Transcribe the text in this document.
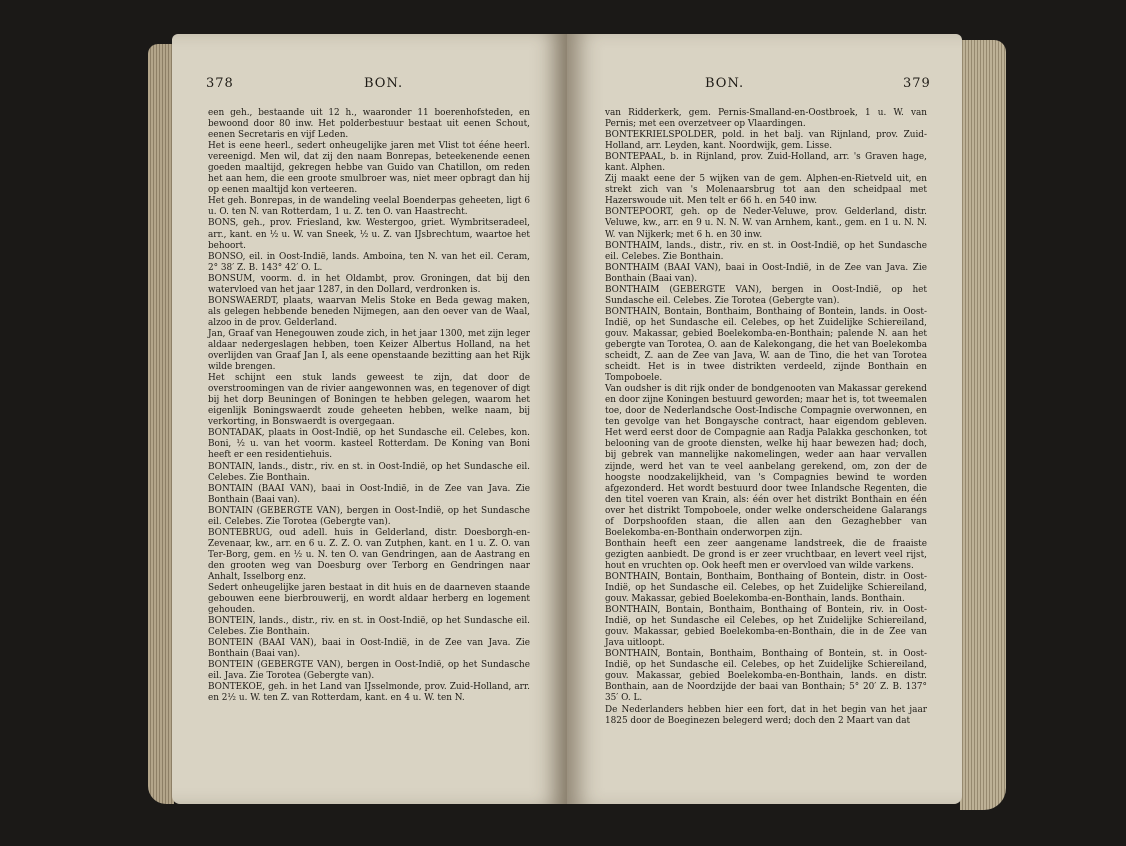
378	BON.

een geh., bestaande uit 12 h., waaronder 11 boerenhofsteden, en bewoond door 80 inw. Het polderbestuur bestaat uit eenen Schout, eenen Secretaris en vijf Leden.

Het is eene heerl., sedert onheugelijke jaren met Vlist tot ééne heerl. vereenigd. Men wil, dat zij den naam Bonrepas, beteekenende eenen goeden maaltijd, gekregen hebbe van Guido van Chatillon, om reden het aan hem, die een groote smulbroer was, niet meer opbragt dan hij op eenen maaltijd kon verteeren.

Het geh. Bonrepas, in de wandeling veelal Boenderpas geheeten, ligt 6 u. O. ten N. van Rotterdam, 1 u. Z. ten O. van Haastrecht.

BONS, geh., prov. Friesland, kw. Westergoo, griet. Wymbritseradeel, arr., kant. en ½ u. W. van Sneek, ½ u. Z. van IJsbrechtum, waartoe het behoort.

BONSO, eil. in Oost-Indië, lands. Amboina, ten N. van het eil. Ceram, 2° 38′ Z. B. 143° 42′ O. L.

BONSUM, voorm. d. in het Oldambt, prov. Groningen, dat bij den watervloed van het jaar 1287, in den Dollard, verdronken is.

BONSWAERDT, plaats, waarvan Melis Stoke en Beda gewag maken, als gelegen hebbende beneden Nijmegen, aan den oever van de Waal, alzoo in de prov. Gelderland.

Jan, Graaf van Henegouwen zoude zich, in het jaar 1300, met zijn leger aldaar nedergeslagen hebben, toen Keizer Albertus Holland, na het overlijden van Graaf Jan I, als eene openstaande bezitting aan het Rijk wilde brengen.

Het schijnt een stuk lands geweest te zijn, dat door de overstroomingen van de rivier aangewonnen was, en tegenover of digt bij het dorp Beuningen of Boningen te hebben gelegen, waarom het eigenlijk Boningswaerdt zoude geheeten hebben, welke naam, bij verkorting, in Bonswaerdt is overgegaan.

BONTADAK, plaats in Oost-Indië, op het Sundasche eil. Celebes, kon. Boni, ½ u. van het voorm. kasteel Rotterdam. De Koning van Boni heeft er een residentiehuis.

BONTAIN, lands., distr., riv. en st. in Oost-Indië, op het Sundasche eil. Celebes. Zie Bonthain.

BONTAIN (BAAI VAN), baai in Oost-Indië, in de Zee van Java. Zie Bonthain (Baai van).

BONTAIN (GEBERGTE VAN), bergen in Oost-Indië, op het Sundasche eil. Celebes. Zie Torotea (Gebergte van).

BONTEBRUG, oud adell. huis in Gelderland, distr. Doesborgh-en-Zevenaar, kw., arr. en 6 u. Z. Z. O. van Zutphen, kant. en 1 u. Z. O. van Ter-Borg, gem. en ½ u. N. ten O. van Gendringen, aan de Aastrang en den grooten weg van Doesburg over Terborg en Gendringen naar Anhalt, Isselborg enz.

Sedert onheugelijke jaren bestaat in dit huis en de daarneven staande gebouwen eene bierbrouwerij, en wordt aldaar herberg en logement gehouden.

BONTEIN, lands., distr., riv. en st. in Oost-Indië, op het Sundasche eil. Celebes. Zie Bonthain.

BONTEIN (BAAI VAN), baai in Oost-Indië, in de Zee van Java. Zie Bonthain (Baai van).

BONTEIN (GEBERGTE VAN), bergen in Oost-Indië, op het Sundasche eil. Java. Zie Torotea (Gebergte van).

BONTEKOE, geh. in het Land van IJsselmonde, prov. Zuid-Holland, arr. en 2½ u. W. ten Z. van Rotterdam, kant. en 4 u. W. ten N.

BON.	379

van Ridderkerk, gem. Pernis-Smalland-en-Oostbroek, 1 u. W. van Pernis; met een overzetveer op Vlaardingen.

BONTEKRIELSPOLDER, pold. in het balj. van Rijnland, prov. Zuid-Holland, arr. Leyden, kant. Noordwijk, gem. Lisse.

BONTEPAAL, b. in Rijnland, prov. Zuid-Holland, arr. 's Graven hage, kant. Alphen.

Zij maakt eene der 5 wijken van de gem. Alphen-en-Rietveld uit, en strekt zich van 's Molenaarsbrug tot aan den scheidpaal met Hazerswoude uit. Men telt er 66 h. en 540 inw.

BONTEPOORT, geh. op de Neder-Veluwe, prov. Gelderland, distr. Veluwe, kw., arr. en 9 u. N. N. W. van Arnhem, kant., gem. en 1 u. N. N. W. van Nijkerk; met 6 h. en 30 inw.

BONTHAIM, lands., distr., riv. en st. in Oost-Indië, op het Sundasche eil. Celebes. Zie Bonthain.

BONTHAIM (BAAI VAN), baai in Oost-Indië, in de Zee van Java. Zie Bonthain (Baai van).

BONTHAIM (GEBERGTE VAN), bergen in Oost-Indië, op het Sundasche eil. Celebes. Zie Torotea (Gebergte van).

BONTHAIN, Bontain, Bonthaim, Bonthaing of Bontein, lands. in Oost-Indië, op het Sundasche eil. Celebes, op het Zuidelijke Schiereiland, gouv. Makassar, gebied Boelekomba-en-Bonthain; palende N. aan het gebergte van Torotea, O. aan de Kalekongang, die het van Boelekomba scheidt, Z. aan de Zee van Java, W. aan de Tino, die het van Torotea scheidt. Het is in twee distrikten verdeeld, zijnde Bonthain en Tompoboele.

Van oudsher is dit rijk onder de bondgenooten van Makassar gerekend en door zijne Koningen bestuurd geworden; maar het is, tot tweemalen toe, door de Nederlandsche Oost-Indische Compagnie overwonnen, en ten gevolge van het Bongaysche contract, haar eigendom gebleven. Het werd eerst door de Compagnie aan Radja Palakka geschonken, tot belooning van de groote diensten, welke hij haar bewezen had; doch, bij gebrek van mannelijke nakomelingen, weder aan haar vervallen zijnde, werd het van te veel aanbelang gerekend, om, zon der de hoogste noodzakelijkheid, van 's Compagnies bewind te worden afgezonderd. Het wordt bestuurd door twee Inlandsche Regenten, die den titel voeren van Krain, als: één over het distrikt Bonthain en één over het distrikt Tompoboele, onder welke onderscheidene Galarangs of Dorpshoofden staan, die allen aan den Gezaghebber van Boelekomba-en-Bonthain onderworpen zijn.

Bonthain heeft een zeer aangename landstreek, die de fraaiste gezigten aanbiedt. De grond is er zeer vruchtbaar, en levert veel rijst, hout en vruchten op. Ook heeft men er overvloed van wilde varkens.

BONTHAIN, Bontain, Bonthaim, Bonthaing of Bontein, distr. in Oost-Indië, op het Sundasche eil. Celebes, op het Zuidelijke Schiereiland, gouv. Makassar, gebied Boelekomba-en-Bonthain, lands. Bonthain.

BONTHAIN, Bontain, Bonthaim, Bonthaing of Bontein, riv. in Oost-Indië, op het Sundasche eil Celebes, op het Zuidelijke Schiereiland, gouv. Makassar, gebied Boelekomba-en-Bonthain, die in de Zee van Java uitloopt.

BONTHAIN, Bontain, Bonthaim, Bonthaing of Bontein, st. in Oost-Indië, op het Sundasche eil. Celebes, op het Zuidelijke Schiereiland, gouv. Makassar, gebied Boelekomba-en-Bonthain, lands. en distr. Bonthain, aan de Noordzijde der baai van Bonthain; 5° 20′ Z. B. 137° 35′ O. L.

De Nederlanders hebben hier een fort, dat in het begin van het jaar 1825 door de Boeginezen belegerd werd; doch den 2 Maart van dat
